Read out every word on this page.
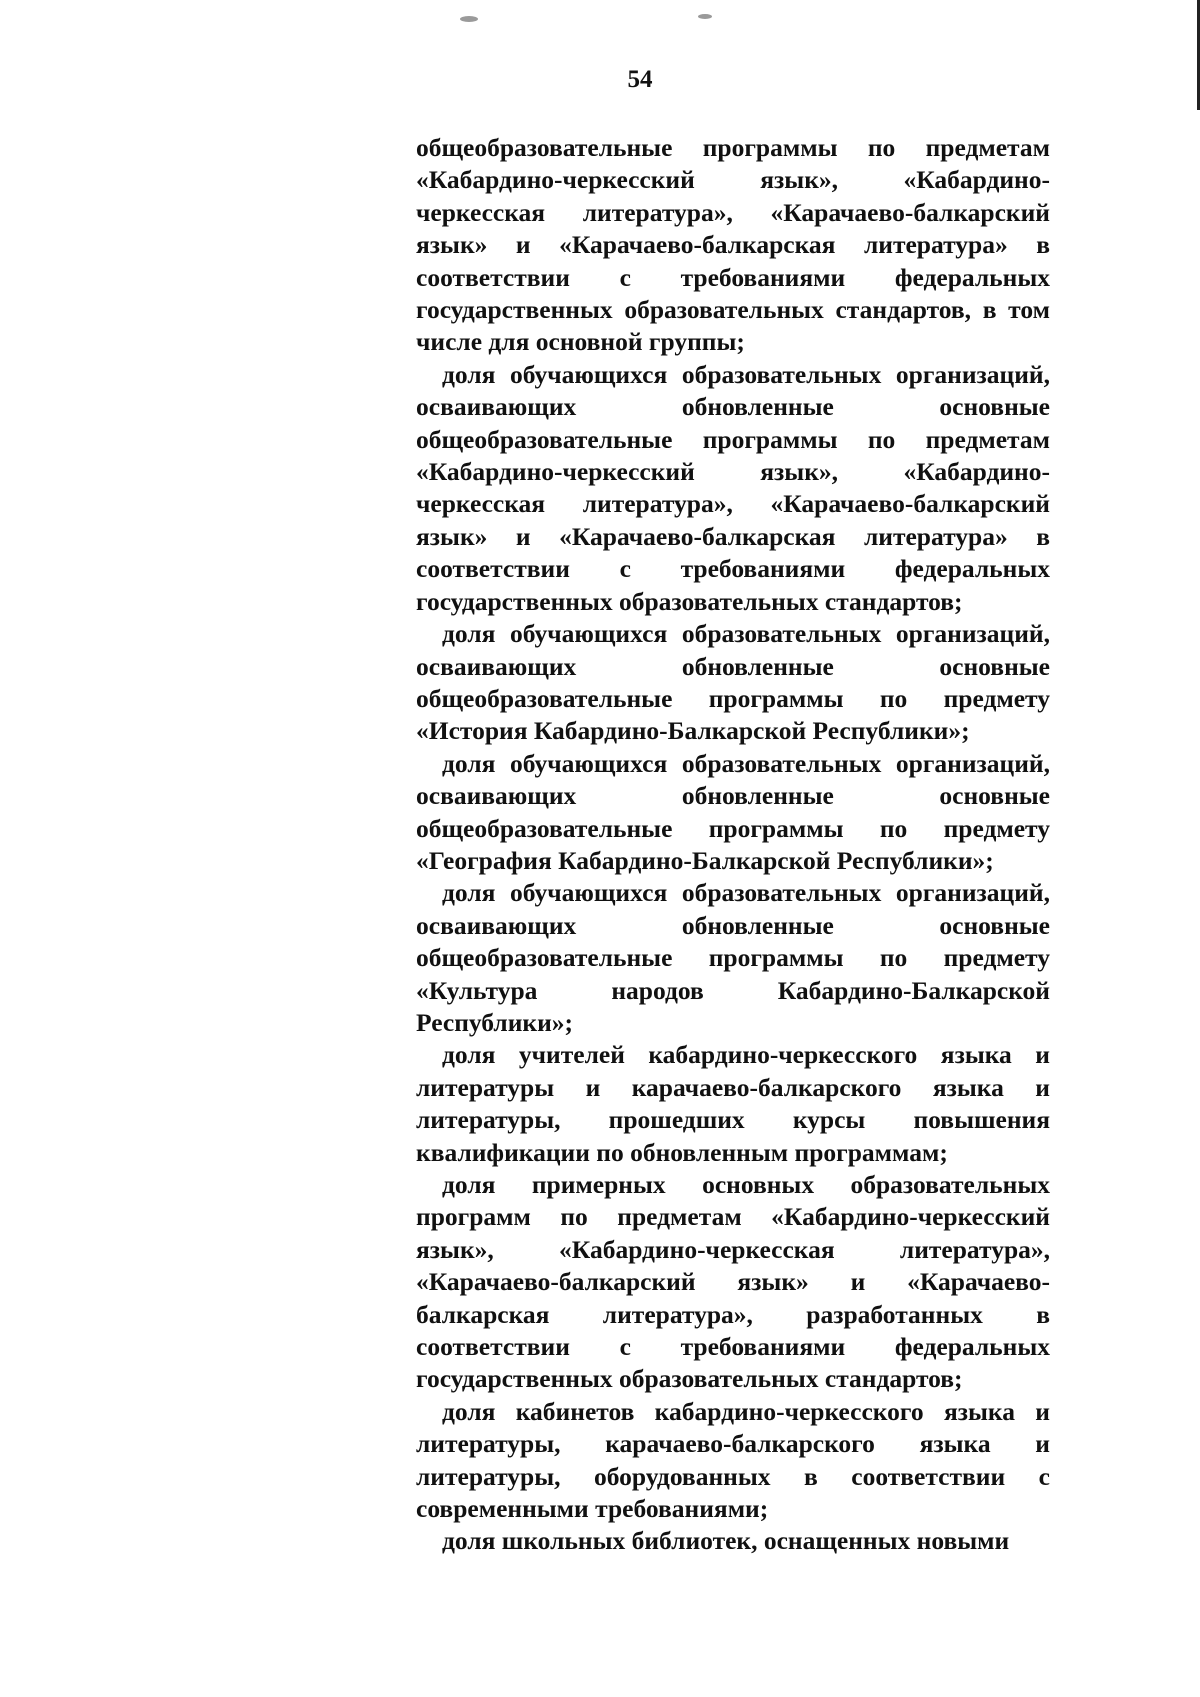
54

общеобразовательные программы по предметам «Кабардино-черкесский язык», «Кабардино-черкесская литература», «Карачаево-балкарский язык» и «Карачаево-балкарская литература» в соответствии с требованиями федеральных государственных образовательных стандартов, в том числе для основной группы;

доля обучающихся образовательных организаций, осваивающих обновленные основные общеобразовательные программы по предметам «Кабардино-черкесский язык», «Кабардино-черкесская литература», «Карачаево-балкарский язык» и «Карачаево-балкарская литература» в соответствии с требованиями федеральных государственных образовательных стандартов;

доля обучающихся образовательных организаций, осваивающих обновленные основные общеобразовательные программы по предмету «История Кабардино-Балкарской Республики»;

доля обучающихся образовательных организаций, осваивающих обновленные основные общеобразовательные программы по предмету «География Кабардино-Балкарской Республики»;

доля обучающихся образовательных организаций, осваивающих обновленные основные общеобразовательные программы по предмету «Культура народов Кабардино-Балкарской Республики»;

доля учителей кабардино-черкесского языка и литературы и карачаево-балкарского языка и литературы, прошедших курсы повышения квалификации по обновленным программам;

доля примерных основных образовательных программ по предметам «Кабардино-черкесский язык», «Кабардино-черкесская литература», «Карачаево-балкарский язык» и «Карачаево-балкарская литература», разработанных в соответствии с требованиями федеральных государственных образовательных стандартов;

доля кабинетов кабардино-черкесского языка и литературы, карачаево-балкарского языка и литературы, оборудованных в соответствии с современными требованиями;

доля школьных библиотек, оснащенных новыми
